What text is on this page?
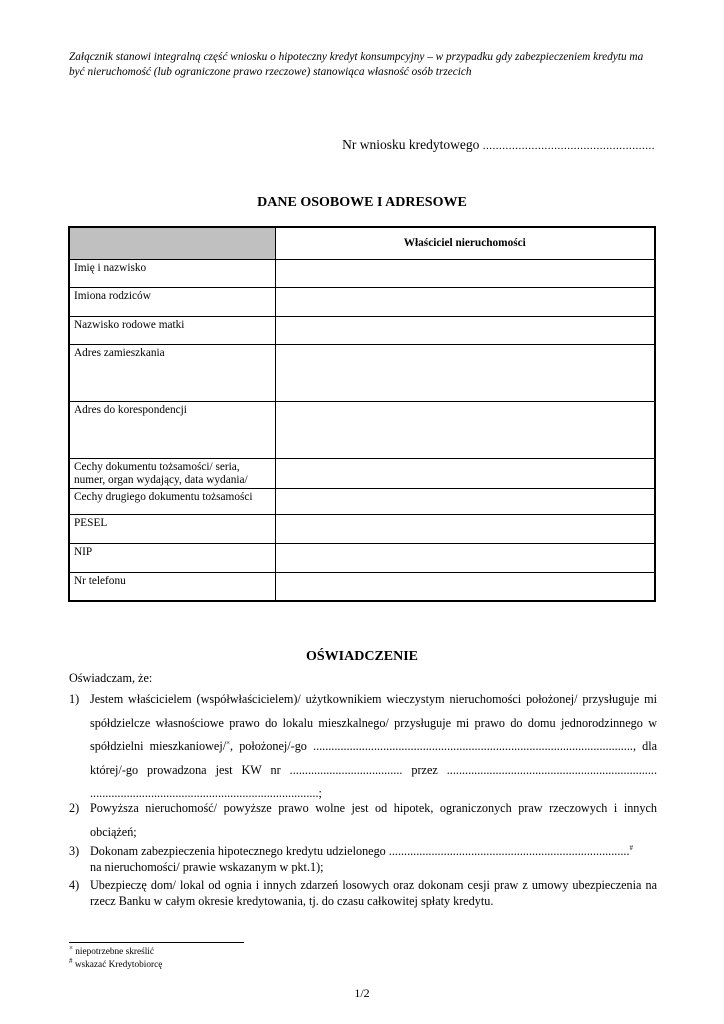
Załącznik stanowi integralną część wniosku o hipoteczny kredyt konsumpcyjny – w przypadku gdy zabezpieczeniem kredytu ma być nieruchomość (lub ograniczone prawo rzeczowe) stanowiąca własność osób trzecich
Nr wniosku kredytowego .....................................................
DANE OSOBOWE I ADRESOWE
	Właściciel nieruchomości
Imię i nazwisko	
Imiona rodziców	
Nazwisko rodowe matki	
Adres zamieszkania	
Adres do korespondencji	
Cechy dokumentu tożsamości/ seria, numer, organ wydający, data wydania/	
Cechy drugiego dokumentu tożsamości	
PESEL	
NIP	
Nr telefonu	
OŚWIADCZENIE
Oświadczam, że:
1) Jestem właścicielem (współwłaścicielem)/ użytkownikiem wieczystym nieruchomości położonej/ przysługuje mi spółdzielcze własnościowe prawo do lokalu mieszkalnego/ przysługuje mi prawo do domu jednorodzinnego w spółdzielni mieszkaniowej/×, położonej/-go ........................................................................................................., dla której/-go prowadzona jest KW nr ..................................... przez ..................................................................... ...........................................................................;
2) Powyższa nieruchomość/ powyższe prawo wolne jest od hipotek, ograniczonych praw rzeczowych i innych obciążeń;
3) Dokonam zabezpieczenia hipotecznego kredytu udzielonego ...............................................................................#
na nieruchomości/ prawie wskazanym w pkt.1);
4) Ubezpieczę dom/ lokal od ognia i innych zdarzeń losowych oraz dokonam cesji praw z umowy ubezpieczenia na rzecz Banku w całym okresie kredytowania, tj. do czasu całkowitej spłaty kredytu.
× niepotrzebne skreślić
# wskazać Kredytobiorcę
1/2
